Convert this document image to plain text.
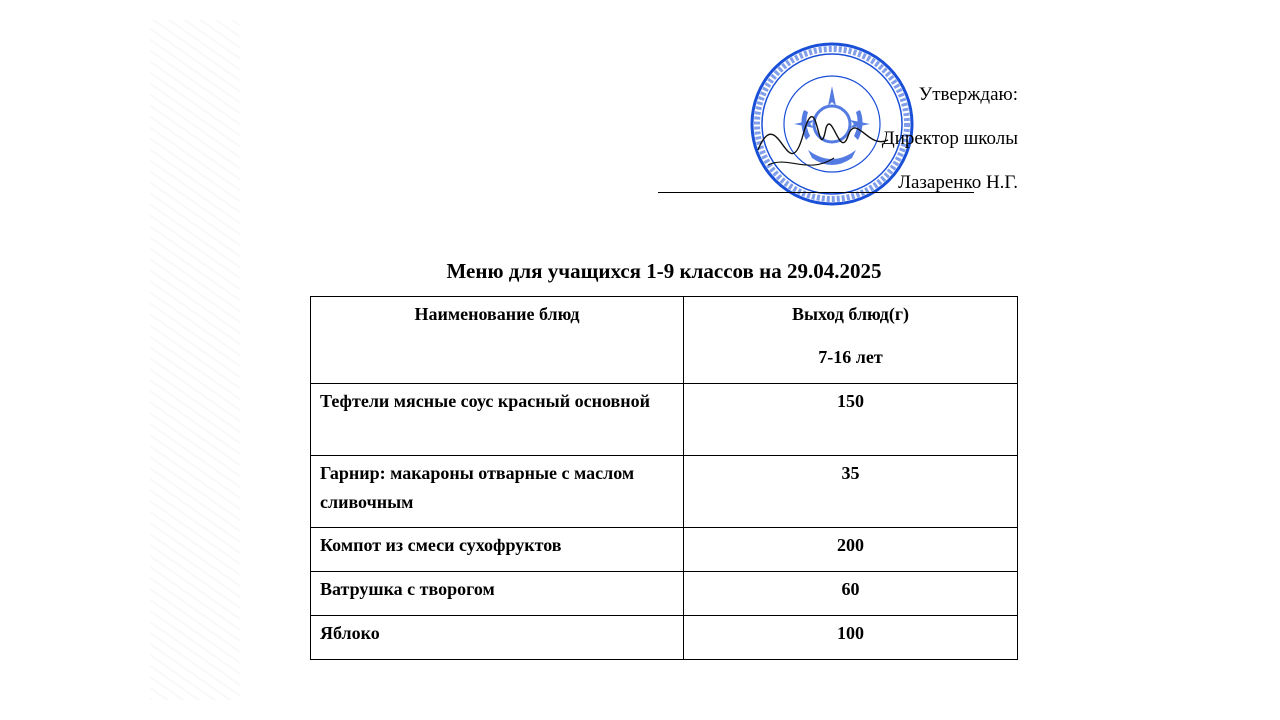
Утверждаю:
Директор школы
Лазаренко Н.Г.
Меню для учащихся 1-9 классов на 29.04.2025
Наименование блюд	Выход блюд(г)
7-16 лет

Тефтели мясные соус красный основной	150
Гарнир: макароны отварные с маслом сливочным	35
Компот из смеси сухофруктов	200
Ватрушка с творогом	60
Яблоко	100
